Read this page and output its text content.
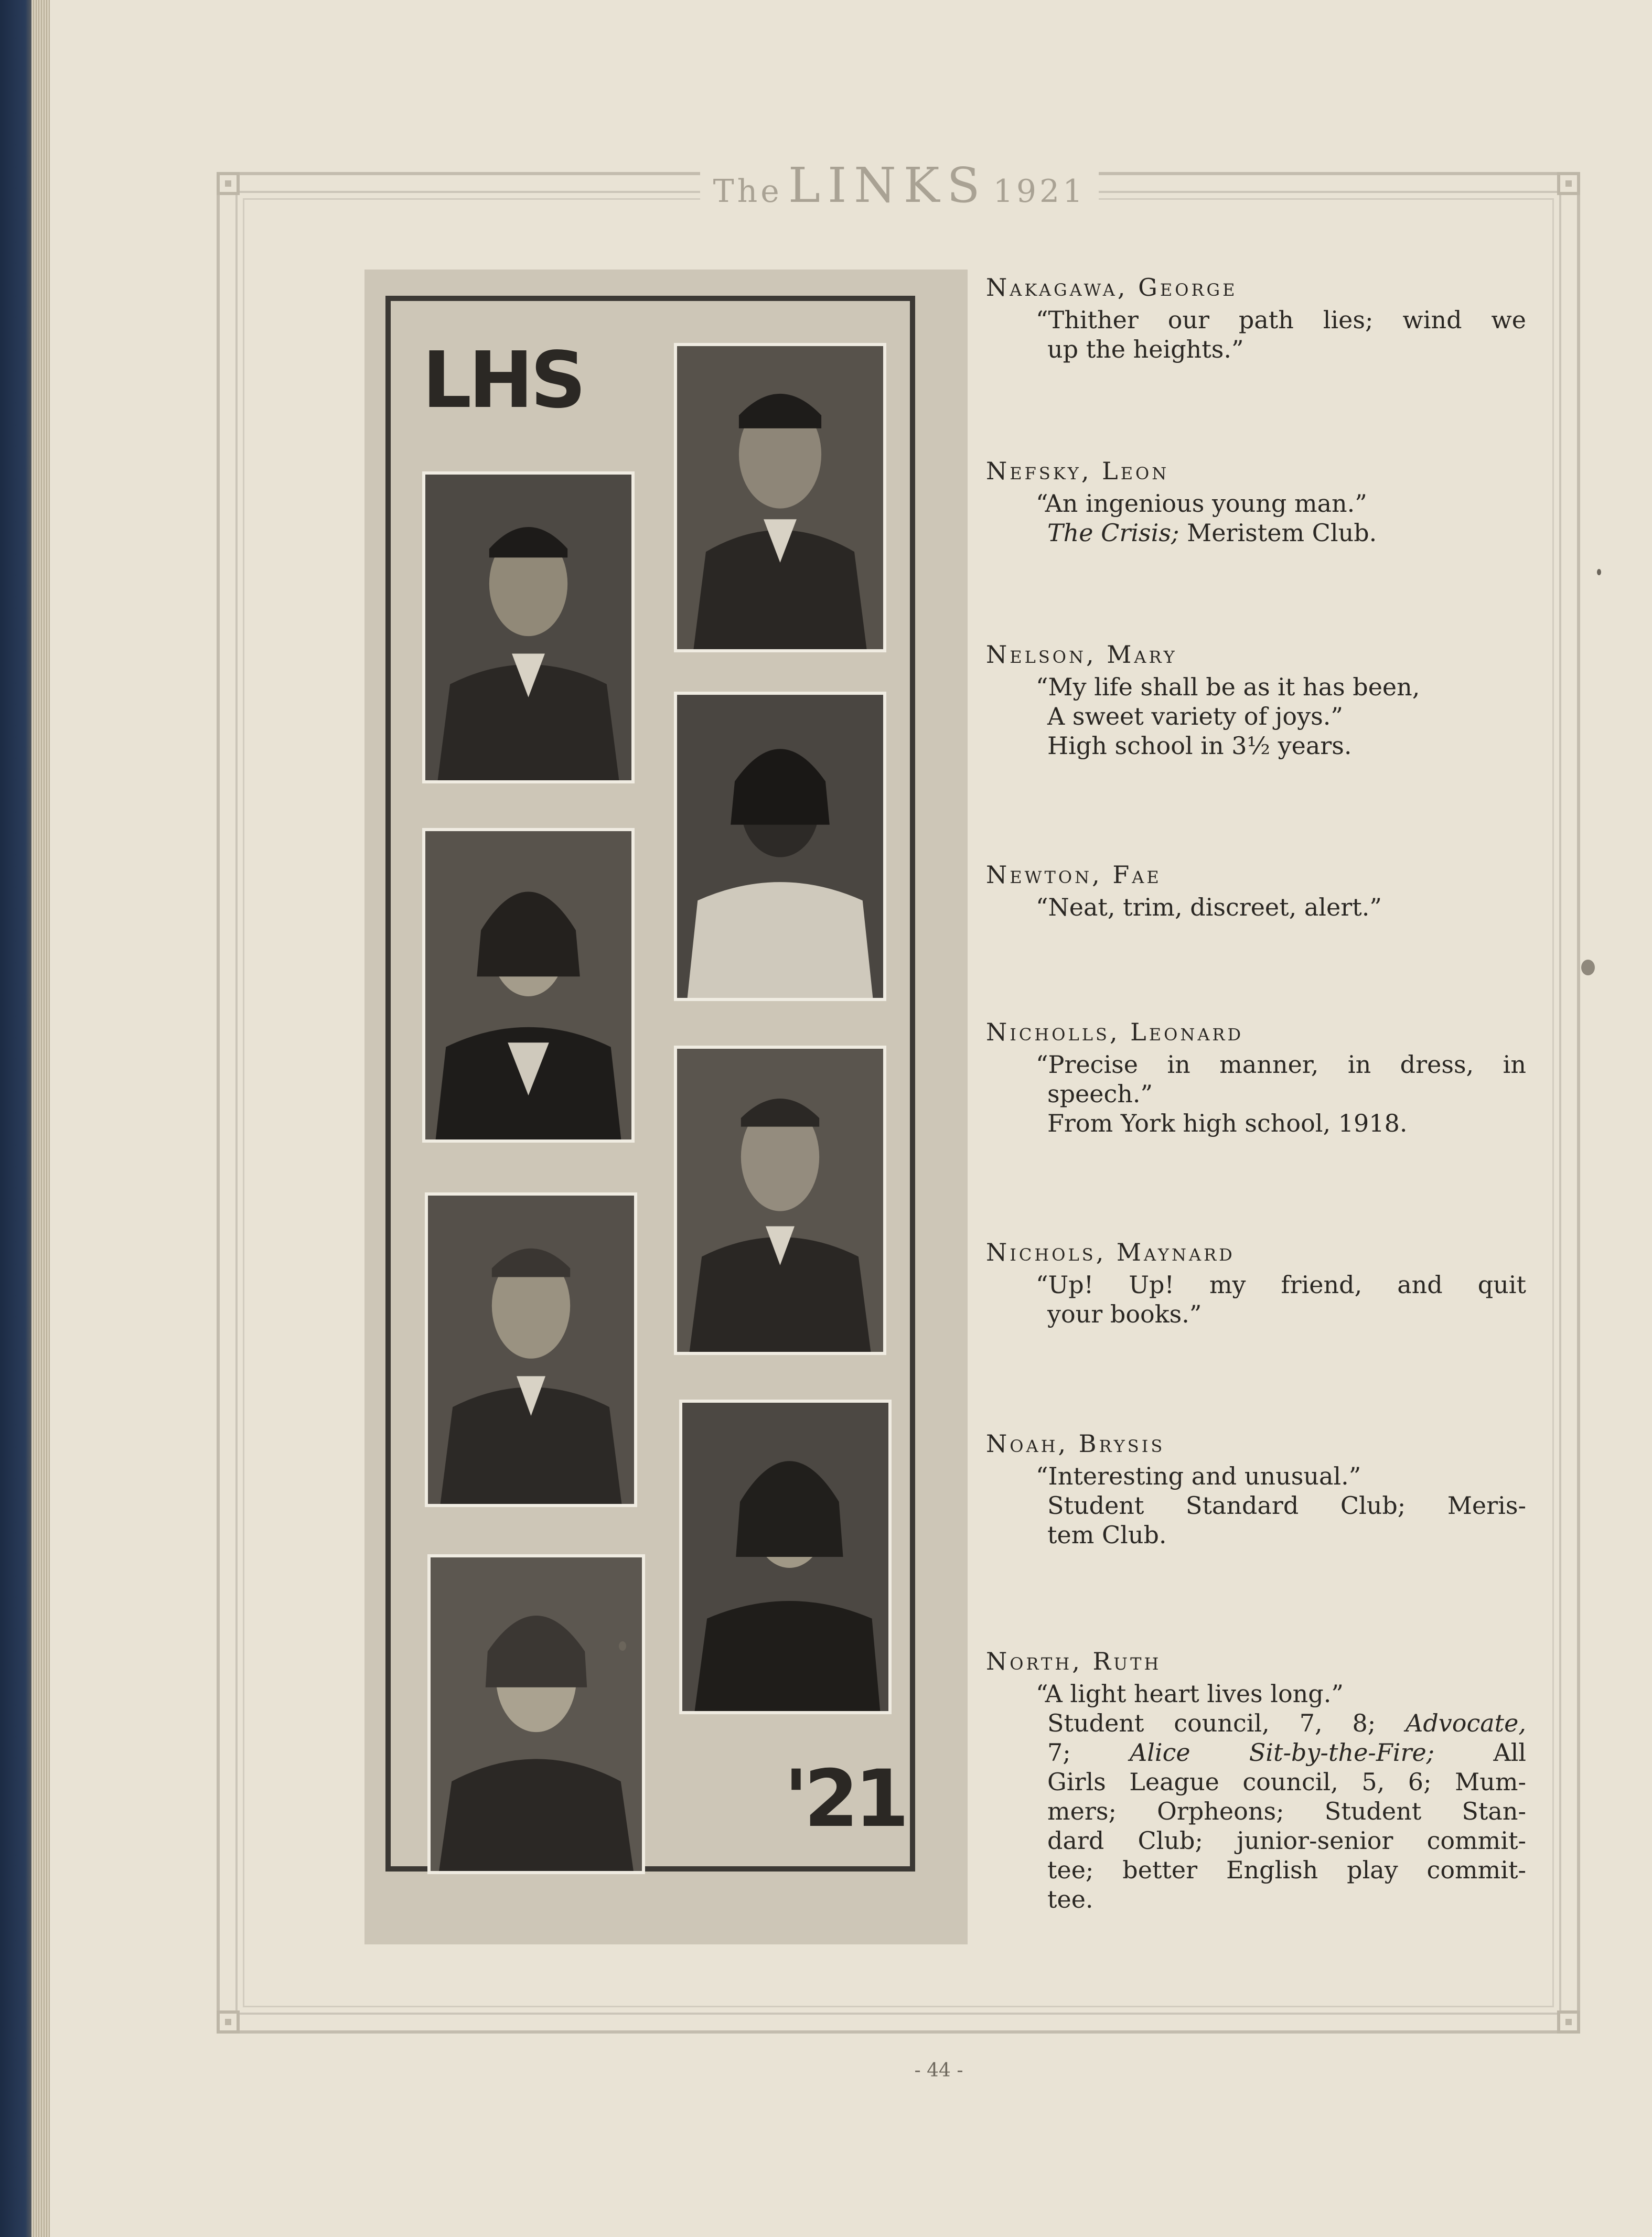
The LINKS 1921
LHS
'21
Nakagawa, George
“Thither our path lies; wind we
up the heights.”
Nefsky, Leon
“An ingenious young man.”
The Crisis; Meristem Club.
Nelson, Mary
“My life shall be as it has been,
A sweet variety of joys.”
High school in 3½ years.
Newton, Fae
“Neat, trim, discreet, alert.”
Nicholls, Leonard
“Precise in manner, in dress, in
speech.”
From York high school, 1918.
Nichols, Maynard
“Up! Up! my friend, and quit
your books.”
Noah, Brysis
“Interesting and unusual.”
Student Standard Club; Meris-
tem Club.
North, Ruth
“A light heart lives long.”
Student council, 7, 8; Advocate,
7; Alice Sit-by-the-Fire; All
Girls League council, 5, 6; Mum-
mers; Orpheons; Student Stan-
dard Club; junior-senior commit-
tee; better English play commit-
tee.
- 44 -
